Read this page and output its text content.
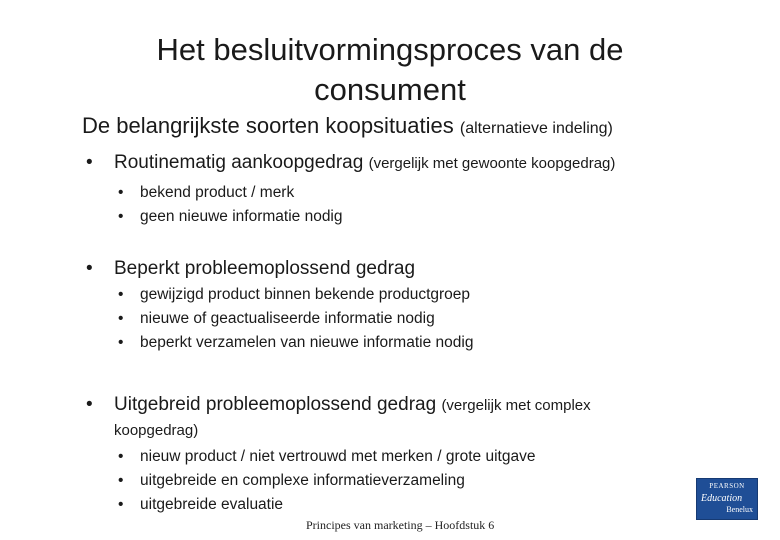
Het besluitvormingsproces van de consument
De belangrijkste soorten koopsituaties (alternatieve indeling)
• Routinematig aankoopgedrag (vergelijk met gewoonte koopgedrag)
• bekend product / merk
• geen nieuwe informatie nodig
• Beperkt probleemoplossend gedrag
• gewijzigd product binnen bekende productgroep
• nieuwe of geactualiseerde informatie nodig
• beperkt verzamelen van nieuwe informatie nodig
• Uitgebreid probleemoplossend gedrag (vergelijk met complex
koopgedrag)
• nieuw product / niet vertrouwd met merken / grote uitgave
• uitgebreide en complexe informatieverzameling
• uitgebreide evaluatie
Principes van marketing – Hoofdstuk 6
PEARSON
Education
Benelux
